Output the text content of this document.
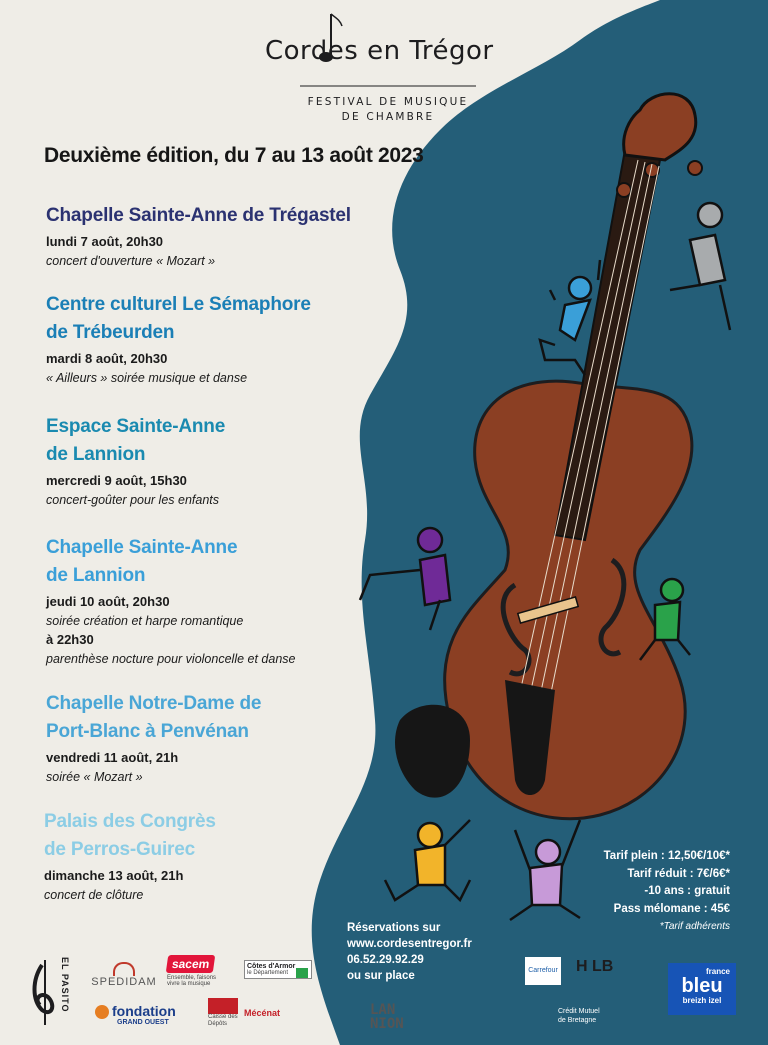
Cordes en Trégor
FESTIVAL DE MUSIQUE
DE CHAMBRE
Deuxième édition, du 7 au 13 août 2023
Chapelle Sainte-Anne de Trégastel
lundi 7 août, 20h30
concert d'ouverture « Mozart »
Centre culturel Le Sémaphore
de Trébeurden
mardi 8 août, 20h30
« Ailleurs » soirée musique et danse
Espace Sainte-Anne
de Lannion
mercredi 9 août, 15h30
concert-goûter pour les enfants
Chapelle Sainte-Anne
de Lannion
jeudi 10 août, 20h30
soirée création et harpe romantique
à 22h30
parenthèse nocture pour violoncelle et danse
Chapelle Notre-Dame de
Port-Blanc à Penvénan
vendredi 11 août, 21h
soirée « Mozart »
Palais des Congrès
de Perros-Guirec
dimanche 13 août, 21h
concert de clôture
Tarif plein : 12,50€/10€*
Tarif réduit : 7€/6€*
-10 ans : gratuit
Pass mélomane : 45€
*Tarif adhérents
Réservations sur
www.cordesentregor.fr
06.52.29.92.29
ou sur place
EL PASITO SPEDIDAM
sacem
Ensemble, faisons vivre la musique
Côtes d'Armor
le Département
fondation
GRAND OUEST
Caisse des Dépôts
Mécénat	LAN
NION
Carrefour H LB
Crédit Mutuel
de Bretagne
france
bleu
breizh izel
